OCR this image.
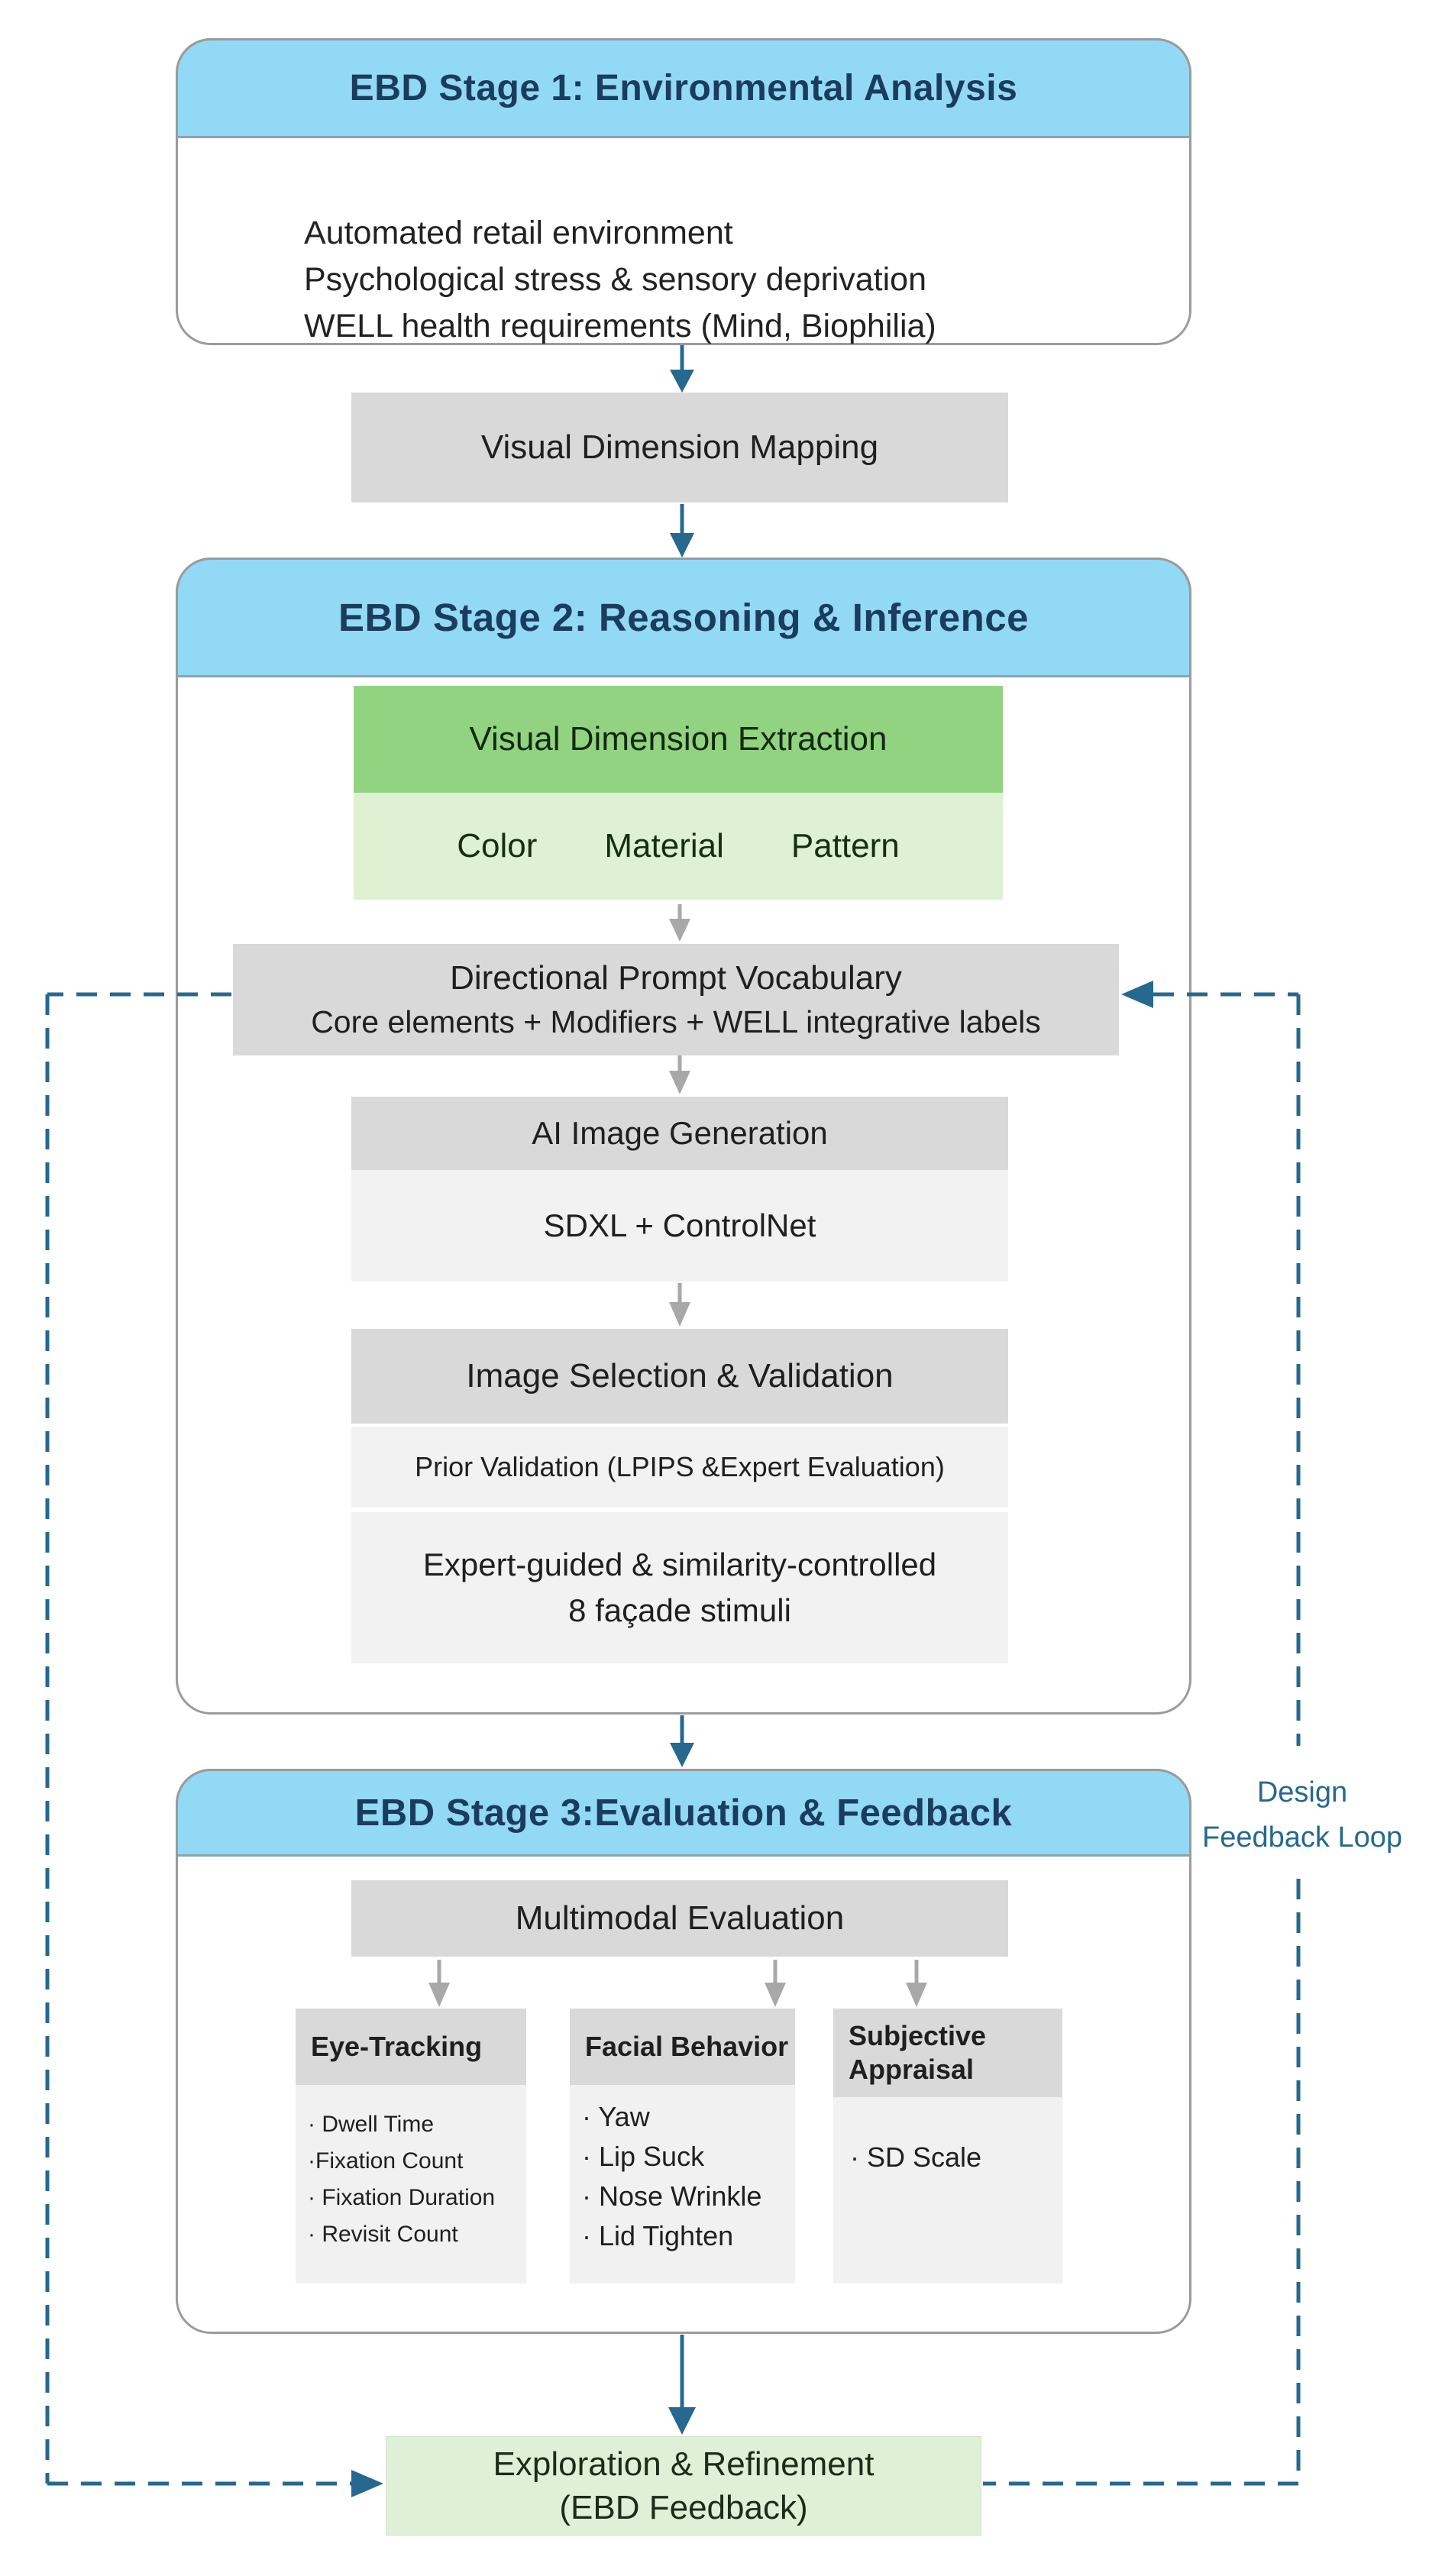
EBD Stage 1: Environmental Analysis
Automated retail environment
Psychological stress & sensory deprivation
WELL health requirements (Mind, Biophilia)
EBD Stage 2: Reasoning & Inference
EBD Stage 3:Evaluation & Feedback
Visual Dimension Mapping
Visual Dimension Extraction
Color Material Pattern
Directional Prompt Vocabulary
Core elements + Modifiers + WELL integrative labels
AI Image Generation
SDXL + ControlNet
Image Selection & Validation
Prior Validation (LPIPS &Expert Evaluation)
Expert-guided & similarity-controlled
8 façade stimuli
Multimodal Evaluation
Eye-Tracking
· Dwell Time
·Fixation Count
· Fixation Duration
· Revisit Count
Facial Behavior
· Yaw
· Lip Suck
· Nose Wrinkle
· Lid Tighten
Subjective Appraisal
· SD Scale
Exploration & Refinement
(EBD Feedback)
Design
Feedback Loop
